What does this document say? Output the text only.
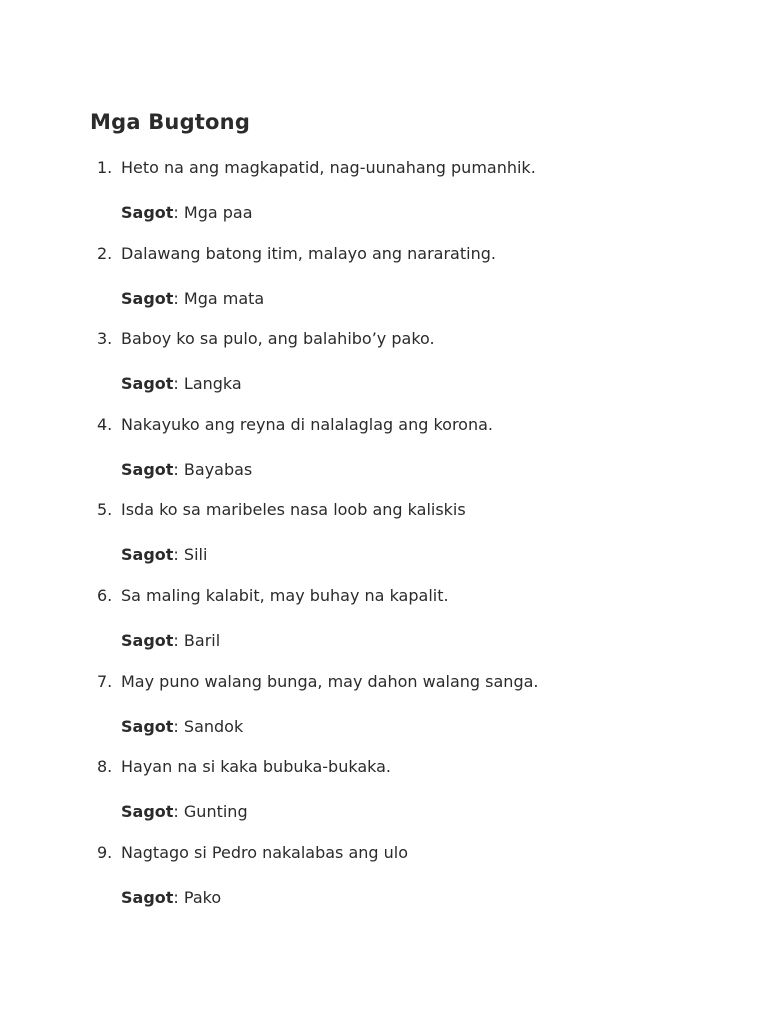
Mga Bugtong
1. Heto na ang magkapatid, nag-uunahang pumanhik.
Sagot: Mga paa
2. Dalawang batong itim, malayo ang nararating.
Sagot: Mga mata
3. Baboy ko sa pulo, ang balahibo’y pako.
Sagot: Langka
4. Nakayuko ang reyna di nalalaglag ang korona.
Sagot: Bayabas
5. Isda ko sa maribeles nasa loob ang kaliskis
Sagot: Sili
6. Sa maling kalabit, may buhay na kapalit.
Sagot: Baril
7. May puno walang bunga, may dahon walang sanga.
Sagot: Sandok
8. Hayan na si kaka bubuka-bukaka.
Sagot: Gunting
9. Nagtago si Pedro nakalabas ang ulo
Sagot: Pako
